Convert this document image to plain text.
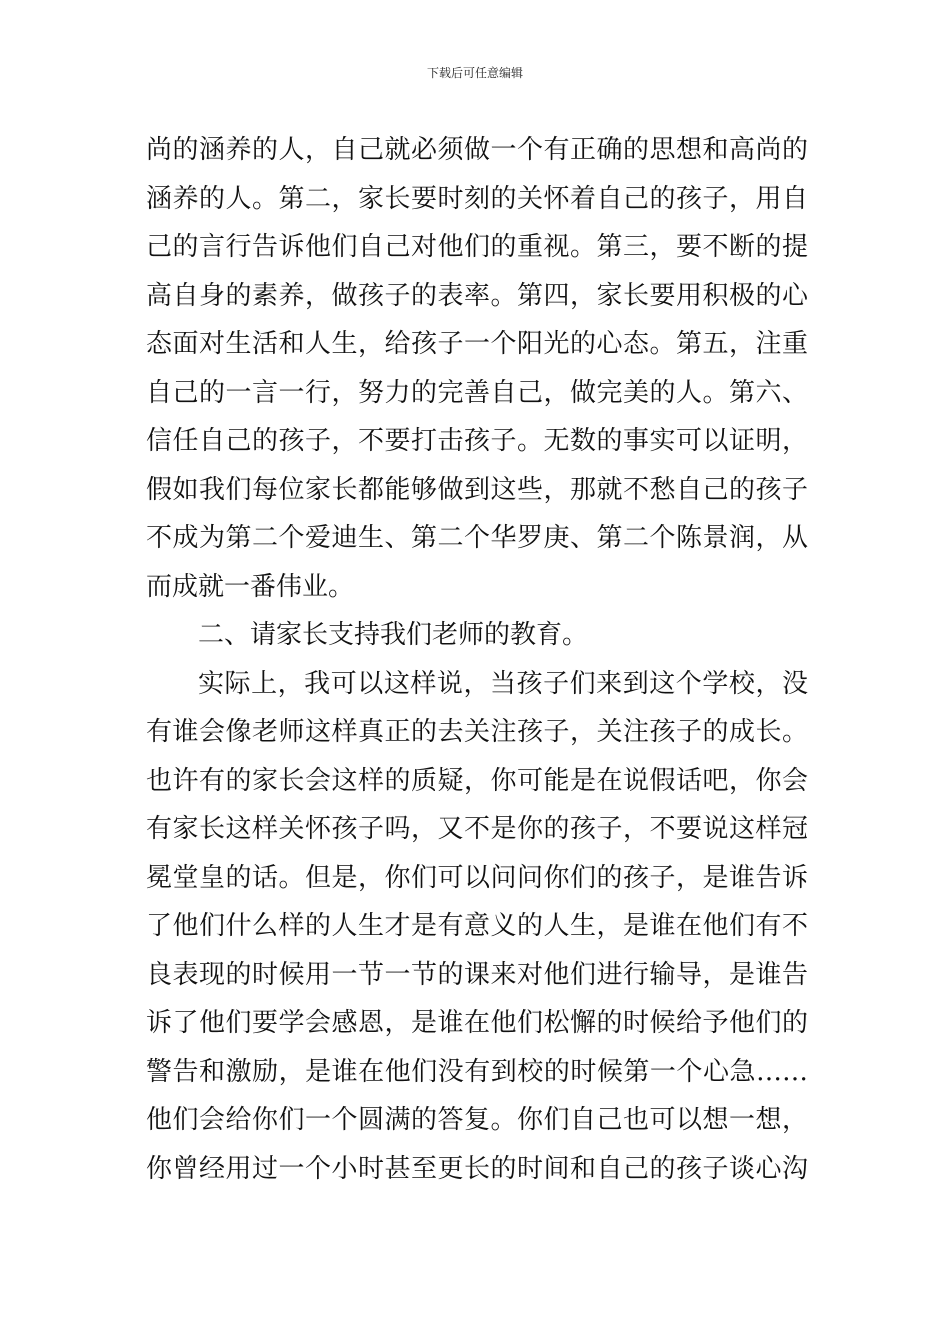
下载后可任意编辑
尚的涵养的人，自己就必须做一个有正确的思想和高尚的
涵养的人。第二，家长要时刻的关怀着自己的孩子，用自
己的言行告诉他们自己对他们的重视。第三，要不断的提
高自身的素养，做孩子的表率。第四，家长要用积极的心
态面对生活和人生，给孩子一个阳光的心态。第五，注重
自己的一言一行，努力的完善自己，做完美的人。第六、
信任自己的孩子，不要打击孩子。无数的事实可以证明，
假如我们每位家长都能够做到这些，那就不愁自己的孩子
不成为第二个爱迪生、第二个华罗庚、第二个陈景润，从
而成就一番伟业。
二、请家长支持我们老师的教育。
实际上，我可以这样说，当孩子们来到这个学校，没
有谁会像老师这样真正的去关注孩子，关注孩子的成长。
也许有的家长会这样的质疑，你可能是在说假话吧，你会
有家长这样关怀孩子吗，又不是你的孩子，不要说这样冠
冕堂皇的话。但是，你们可以问问你们的孩子，是谁告诉
了他们什么样的人生才是有意义的人生，是谁在他们有不
良表现的时候用一节一节的课来对他们进行输导，是谁告
诉了他们要学会感恩，是谁在他们松懈的时候给予他们的
警告和激励，是谁在他们没有到校的时候第一个心急……
他们会给你们一个圆满的答复。你们自己也可以想一想，
你曾经用过一个小时甚至更长的时间和自己的孩子谈心沟
